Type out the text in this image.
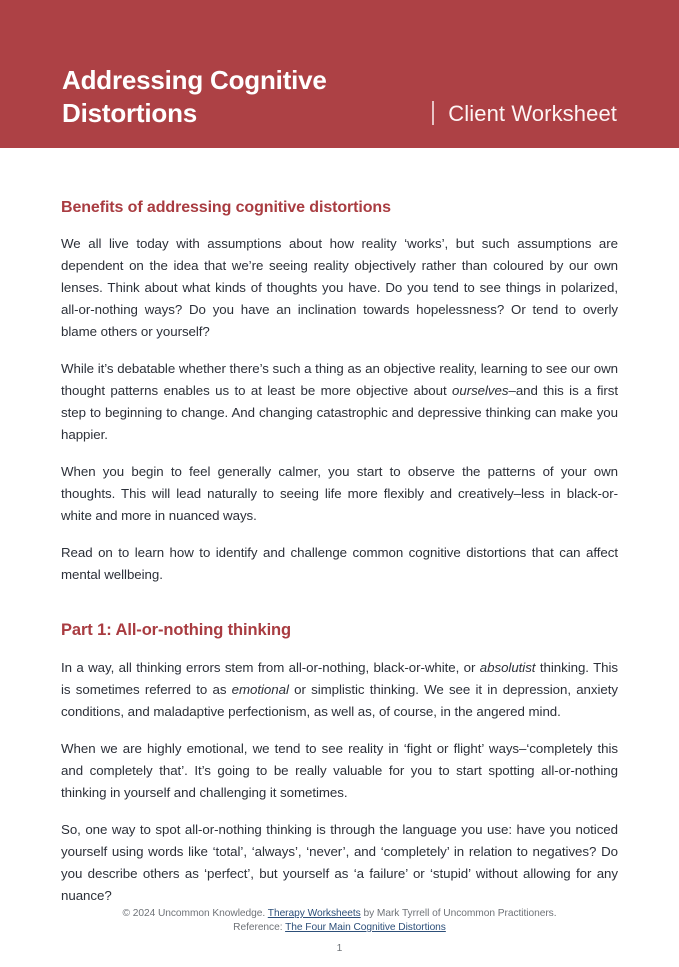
Addressing Cognitive Distortions	Client Worksheet
Benefits of addressing cognitive distortions

We all live today with assumptions about how reality ‘works’, but such assumptions are dependent on the idea that we’re seeing reality objectively rather than coloured by our own lenses. Think about what kinds of thoughts you have. Do you tend to see things in polarized, all-or-nothing ways? Do you have an inclination towards hopelessness? Or tend to overly blame others or yourself?

While it’s debatable whether there’s such a thing as an objective reality, learning to see our own thought patterns enables us to at least be more objective about ourselves–and this is a first step to beginning to change. And changing catastrophic and depressive thinking can make you happier.

When you begin to feel generally calmer, you start to observe the patterns of your own thoughts. This will lead naturally to seeing life more flexibly and creatively–less in black-or-white and more in nuanced ways.

Read on to learn how to identify and challenge common cognitive distortions that can affect mental wellbeing.

Part 1: All-or-nothing thinking

In a way, all thinking errors stem from all-or-nothing, black-or-white, or absolutist thinking. This is sometimes referred to as emotional or simplistic thinking. We see it in depression, anxiety conditions, and maladaptive perfectionism, as well as, of course, in the angered mind.

When we are highly emotional, we tend to see reality in ‘fight or flight’ ways–‘completely this and completely that’. It’s going to be really valuable for you to start spotting all-or-nothing thinking in yourself and challenging it sometimes.

So, one way to spot all-or-nothing thinking is through the language you use: have you noticed yourself using words like ‘total’, ‘always’, ‘never’, and ‘completely’ in relation to negatives? Do you describe others as ‘perfect’, but yourself as ‘a failure’ or ‘stupid’ without allowing for any nuance?

© 2024 Uncommon Knowledge. Therapy Worksheets by Mark Tyrrell of Uncommon Practitioners.
Reference: The Four Main Cognitive Distortions
1
